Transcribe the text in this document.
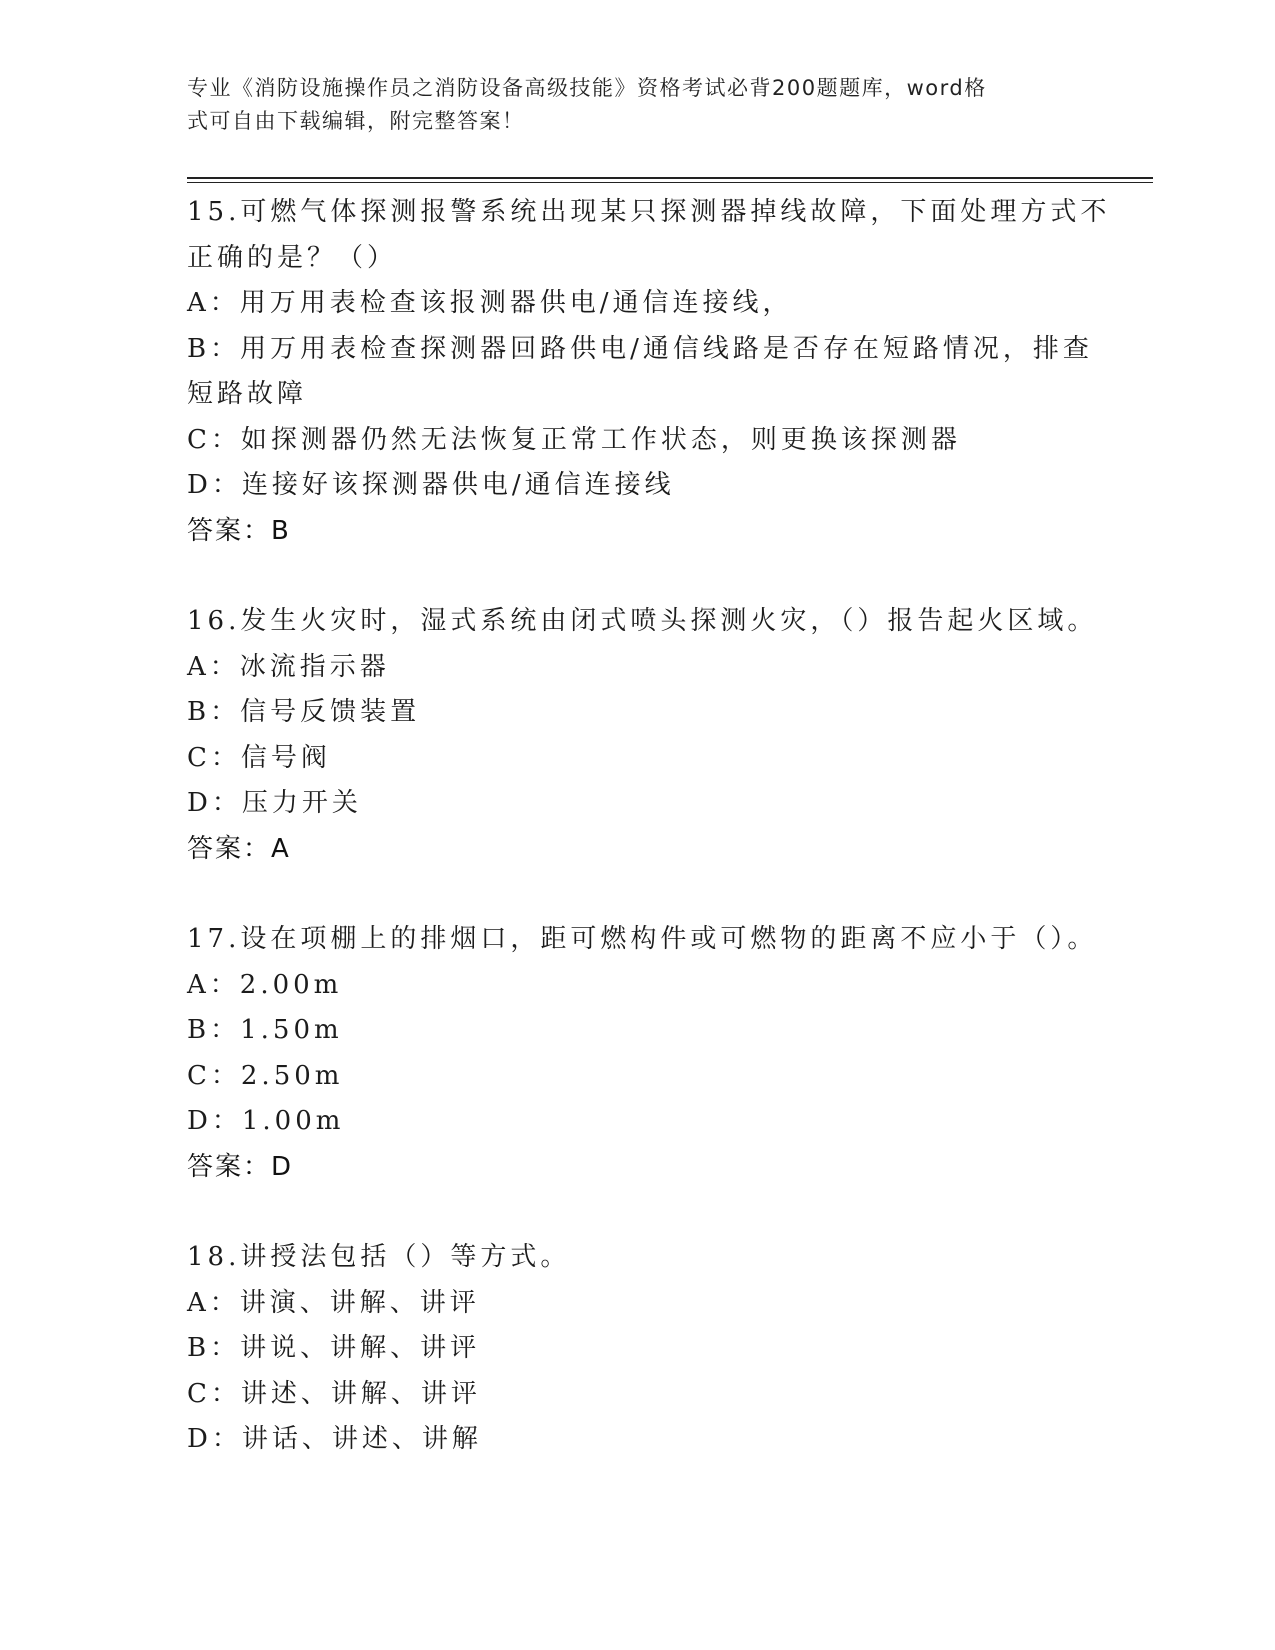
专业《消防设施操作员之消防设备高级技能》资格考试必背200题题库，word格
式可自由下载编辑，附完整答案！
15.可燃气体探测报警系统出现某只探测器掉线故障，下面处理方式不
正确的是？（）
A：用万用表检查该报测器供电/通信连接线，
B：用万用表检查探测器回路供电/通信线路是否存在短路情况，排查
短路故障
C：如探测器仍然无法恢复正常工作状态，则更换该探测器
D：连接好该探测器供电/通信连接线
答案：B
16.发生火灾时，湿式系统由闭式喷头探测火灾，（）报告起火区域。
A：冰流指示器
B：信号反馈装置
C：信号阀
D：压力开关
答案：A
17.设在项棚上的排烟口，距可燃构件或可燃物的距离不应小于（）。
A：2.00m
B：1.50m
C：2.50m
D：1.00m
答案：D
18.讲授法包括（）等方式。
A：讲演、讲解、讲评
B：讲说、讲解、讲评
C：讲述、讲解、讲评
D：讲话、讲述、讲解
